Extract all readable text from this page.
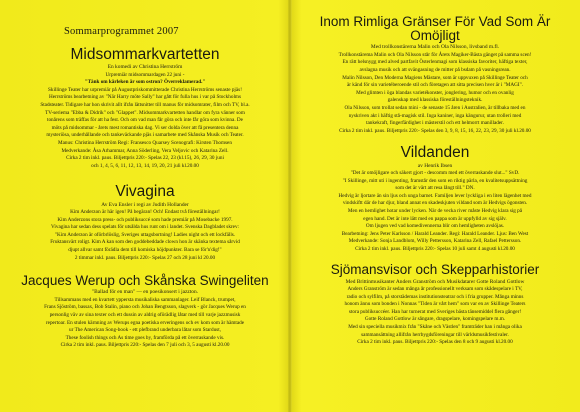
Sommarprogrammet 2007
Midsommarkvartetten

En komedi av Christina Herrström

Urpremiär midsommardagen 22 juni -

"Tänk om kärleken är som ostron? Överreklamerad."

Skillinge Teater har urpremiär på Augustpriskommitterade Christina Herrströms senaste pjäs!

Herrströms bearbetning av "När Harry möte Sally" har gått för fulla hus i var på Stockholms

Stadsteater. Tidigare har hon skrivit allt ifrån lättsnitter till manus för midsomrater, film och TV, bl.a.

TV-seriema "Ebba & Didrik" och "Glappet". Midsommarkvartetten handlar om fyra vänner som

tonårens som träffas för att ha fest. Och om vad man får göra och inte får göra som kvinna. De

möts på midsommar - årets mest romantiska dag. Vi ser dolda över att få presentera denna

mysteriösa, underhållande och tankeväckande pjäs i samarbete med Skånska Musik och Teater.

Manus: Christina Herrström Regi: Fransesco Quarsey Scenografi: Kirsten Thomsen

Medverkande: Åsa Arhammar, Anna Söderling, Vera Veljovic och Katarina Zell.

Cirka 2 tim inkl. paus. Biljettpris 220:- Spelas 22, 23 (kl.15), 26, 29, 30 juni

och 1, 4, 5, 6, 11, 12, 13, 14, 19, 20, 21 juli kl.20.00

Vivagina

Av Eva Ensler i regi av Judith Hollander

Kim Anderzon är här igen! På begäran! Och! Endast två föreställningar!

Kim Anderzons stora press- och publiksuccé som hade premiär på Mosebacke 1997.

Vivagina har sedan dess spelats för utsålda hus runt om i landet. Svenska Dagbladet skrev:

"Kim Anderzon är oförbrlöslig, Sveriges uttagsbortning! Ladies night och ett lockfälls.

Fruktansvärt roligt. Kim A kan som den goddebeddade clown hon är skänka textema sårvid

djupt allvar samt förädla dem till komiska höjdpunkter. Bara se för'n'dig!"

2 timmar inkl. paus. Biljettpris 220:- Spelas 27 och 28 juni kl 20.00

Jacques Werup och Skånska Swingeliten

"Ballad för en man" — en poesikonsert i jazzton.

Tillsammans med en kvartett yppersta musikaliska sammanlager. Leif Blanck, trumpet,

Frans Sjöström, bassax, Bob Stalin, piano och Johan Bengtsson, slagverk - gör Jacques Werup en

personlig väv av sina texter och ett dussin av aldrig oförädlig låtar med till varje jazzmusisk

repertoar. En stulen kärnning av Werups egna poetiska erveringens och ev kom som är hämtade

ur The American Song-book - ett plefbrand underbara låtar som Stardust,

These foolish things och As time goes by, framförda på ett överraskande vis.

Cirka 2 tim inkl. paus. Biljettpris 220:- Spelas den 7 juli och 3, 5 augusti kl.20.00

Inom Rimliga Gränser För Vad Som Är Omöjligt

Med trollkonstärerna Malin och Ola Nilsson, livsband m.fl.

Trollkonstärema Malin och Ola Nilsson står för Årets Magiker-Bästa gänget på samma scen!

En rätt helsnygg med alved partfavit Österlenmagi som klassiska favoriter, häftiga texter,

avslagna musik och att svängasning de mitter på bsdam på vasningsrean.

Malin Nilsson, Den Moderna Magiens Mästare, som är uppvuxen på Skillinge Teater och

är känd för sin varietéberoende stil och företagen att sitta precisen hver är i "MAGI".

Med glimten i öga blandas varietékonster, jonglering, humor och en ovanlig

galenskap med klassiska föreställningsteknik.

Ola Nilsson, som trollat sedan mini - de senaste 15 åren i Australien, är tillbaka med en

nyskriven akt i häftig stå-magisk stil. Inga kaniner, inga kängurur, utan trolleri med

tankekraft, fingerfärdighet i mästerstil och ett helmorrt manillader.

Cirka 2 tim inkl. paus. Biljettpris 220:- Spelas den 3, 9, 8, 15, 16, 22, 23, 29, 30 juli kl.20.00

Vildanden

av Henrik Ibsen

"Det är omöjligare och säkert gjort - descomm med ett överraskande slut..." SvD.

"I Skillinge, mitt uti i ingenting, framstår den som en riktig pärla, en kvalitetsuppsättning

som det är värt att resa långt till." DN.

Hedvig är ljortare än sin ljus och unga barnet. Familjen lever lyckliga i en liten lägenhet med

vindskiftt där de har djur, bland annat en skadeskjuten vildand som är Hedvigs ögonsten.

Men en hemlighet hotar under lycken. När de vecka river måste Hedvig klara sig på

egen hand. Det är inte lätt med en pappa som är uppfylld av sig själv.

Om ljugen ved vad komedivennerna blir om hemligheten avslöjas.

Bearbetning: Jens Peter Karlsson / Harald Leander. Regi: Harald Leander. Ljus: Ben West

Medverkande: Sonja Landblom, Willy Pettersson, Katarina Zell, Rafael Pettersson.

Cirka 2 tim inkl. paus. Biljettpris 220:- Spelas 10 juli samt 4 augusti kl.20.00

Sjömansvisor och Skepparhistorier

Med Brittinmusikanter Anders Granström och Musikdatarer Gotte Roland Gottlow

Anders Granström är sedan många år professionellt verksam som skådespelare i TV,

radio och sylfilm, på storstädemas institutionsteatrar och i fria grupper. Många minns

honom ännu som bonden i Nonnas "Tiden är vårt hem" som var en av Skillinge Teaters

stora publiksuccéer. Han har turnerat med Sveriges bästa tänsemiddel flera gånger!

Gotte Roland Gottlow är sångare, dragspelare, komingspelare m.m.

Med sin speciella musikmix från "Skåne och Västlen" framträder han i många olika

sammansättning allifrån herrbygdsföreningar till världsmusikfestivaler.

Cirka 2 tim inkl. paus. Biljettpris 220:- Spelas den 8 och 9 augusti kl.20.00
